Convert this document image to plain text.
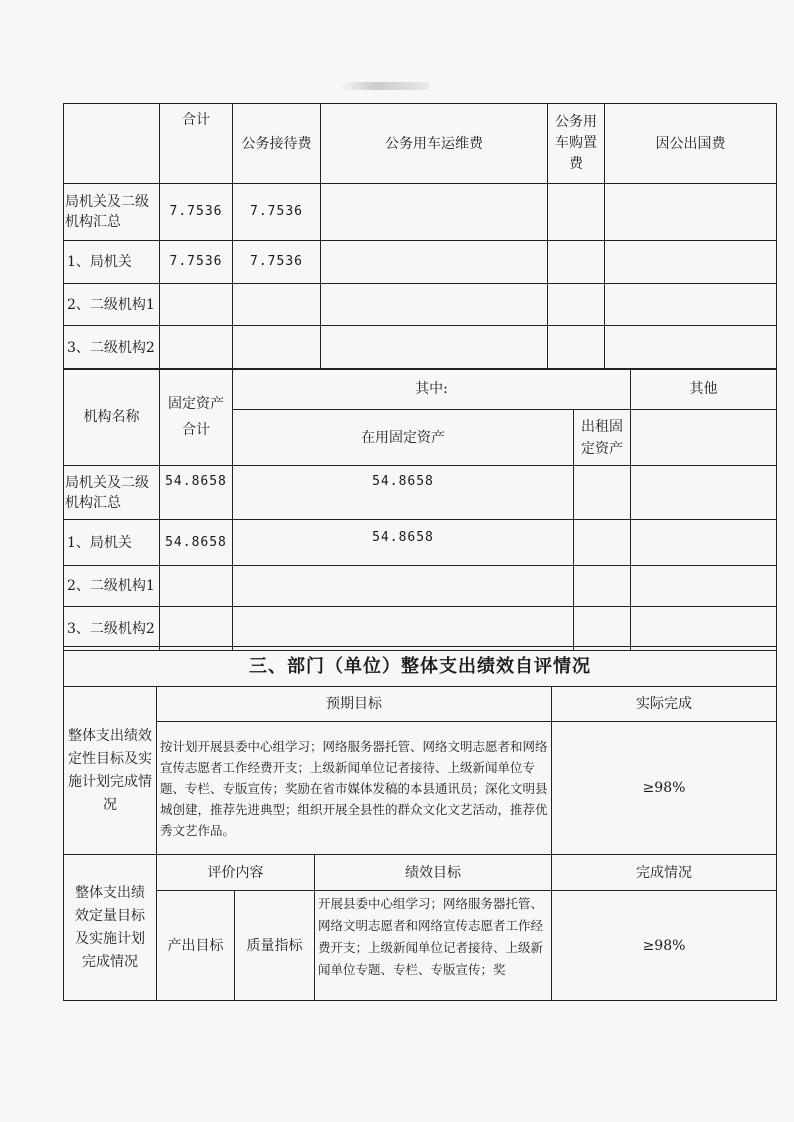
	合计	公务接待费	公务用车运维费	公务用车购置费	因公出国费
局机关及二级机构汇总	7.7536	7.7536			
1、局机关	7.7536	7.7536			
2、二级机构1					
3、二级机构2					
机构名称	固定资产合计	其中:		其他
		在用固定资产	出租固定资产	
局机关及二级机构汇总	54.8658	54.8658		
1、局机关	54.8658	54.8658		
2、二级机构1				
3、二级机构2				
三、部门（单位）整体支出绩效自评情况				
整体支出绩效定性目标及实施计划完成情况	预期目标			实际完成
	按计划开展县委中心组学习；网络服务器托管、网络文明志愿者和网络宣传志愿者工作经费开支；上级新闻单位记者接待、上级新闻单位专题、专栏、专版宣传；奖励在省市媒体发稿的本县通讯员；深化文明县城创建，推荐先进典型；组织开展全县性的群众文化文艺活动，推荐优秀文艺作品。			≥98%
整体支出绩效定量目标及实施计划完成情况	评价内容		绩效目标	完成情况
	产出目标	质量指标	开展县委中心组学习；网络服务器托管、网络文明志愿者和网络宣传志愿者工作经费开支；上级新闻单位记者接待、上级新闻单位专题、专栏、专版宣传；奖	≥98%
